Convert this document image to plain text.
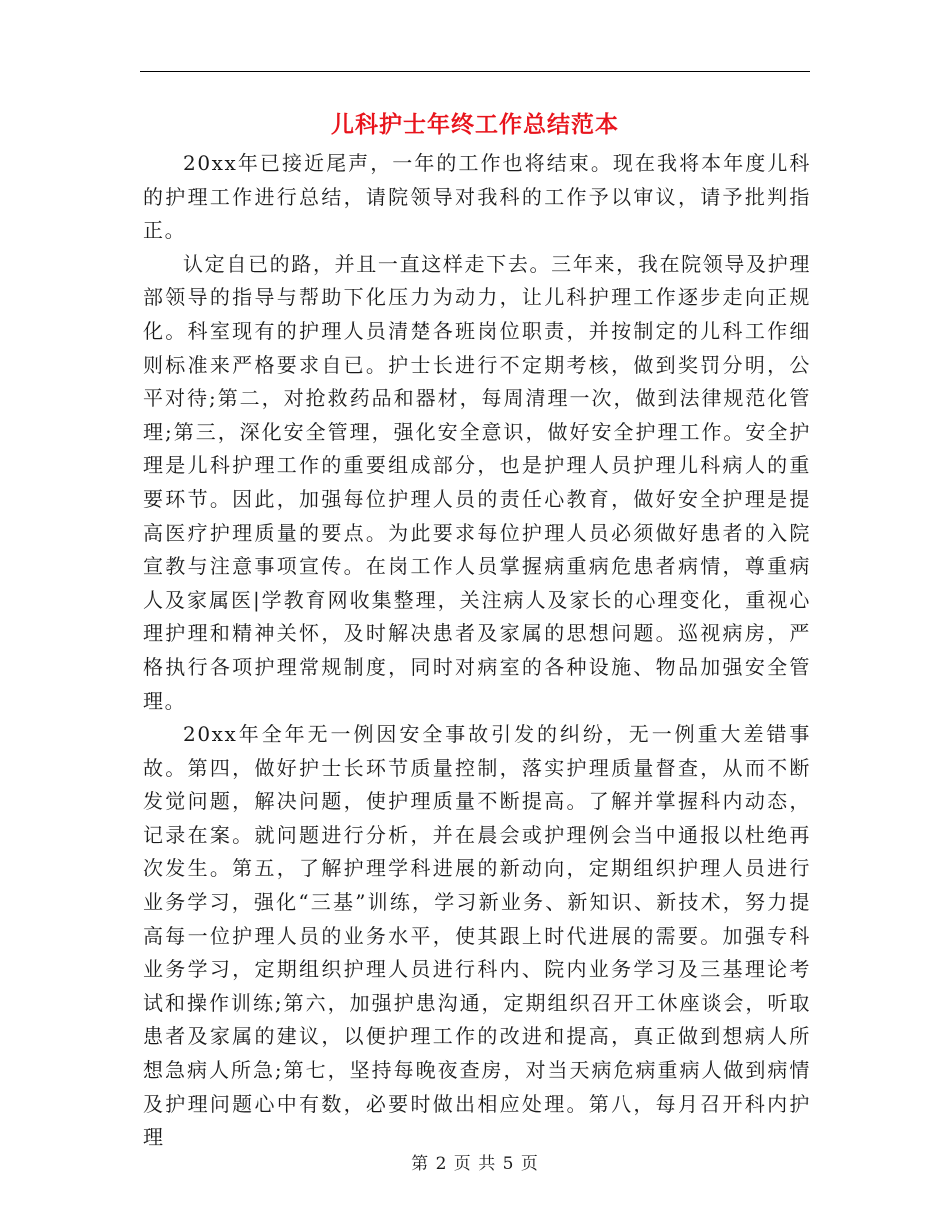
儿科护士年终工作总结范本

20xx年已接近尾声，一年的工作也将结束。现在我将本年度儿科的护理工作进行总结，请院领导对我科的工作予以审议，请予批判指正。

认定自已的路，并且一直这样走下去。三年来，我在院领导及护理部领导的指导与帮助下化压力为动力，让儿科护理工作逐步走向正规化。科室现有的护理人员清楚各班岗位职责，并按制定的儿科工作细则标准来严格要求自已。护士长进行不定期考核，做到奖罚分明，公平对待;第二，对抢救药品和器材，每周清理一次，做到法律规范化管理;第三，深化安全管理，强化安全意识，做好安全护理工作。安全护理是儿科护理工作的重要组成部分，也是护理人员护理儿科病人的重要环节。因此，加强每位护理人员的责任心教育，做好安全护理是提高医疗护理质量的要点。为此要求每位护理人员必须做好患者的入院宣教与注意事项宣传。在岗工作人员掌握病重病危患者病情，尊重病人及家属医|学教育网收集整理，关注病人及家长的心理变化，重视心理护理和精神关怀，及时解决患者及家属的思想问题。巡视病房，严格执行各项护理常规制度，同时对病室的各种设施、物品加强安全管理。

20xx年全年无一例因安全事故引发的纠纷，无一例重大差错事故。第四，做好护士长环节质量控制，落实护理质量督查，从而不断发觉问题，解决问题，使护理质量不断提高。了解并掌握科内动态，记录在案。就问题进行分析，并在晨会或护理例会当中通报以杜绝再次发生。第五，了解护理学科进展的新动向，定期组织护理人员进行业务学习，强化“三基”训练，学习新业务、新知识、新技术，努力提高每一位护理人员的业务水平，使其跟上时代进展的需要。加强专科业务学习，定期组织护理人员进行科内、院内业务学习及三基理论考试和操作训练;第六，加强护患沟通，定期组织召开工休座谈会，听取患者及家属的建议，以便护理工作的改进和提高，真正做到想病人所想急病人所急;第七，坚持每晚夜查房，对当天病危病重病人做到病情及护理问题心中有数，必要时做出相应处理。第八，每月召开科内护理

第 2 页 共 5 页
